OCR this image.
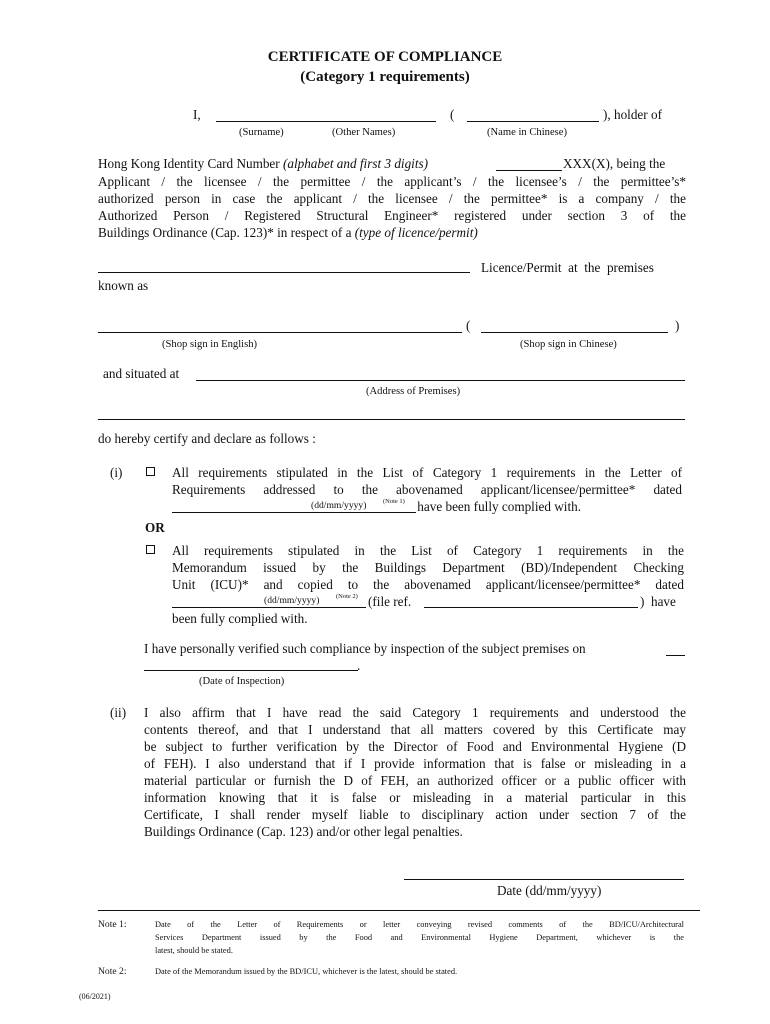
CERTIFICATE OF COMPLIANCE
(Category 1 requirements)
I,	(	), holder of
(Surname)	(Other Names)	(Name in Chinese)
Hong Kong Identity Card Number (alphabet and first 3 digits)	XXX(X), being the
Applicant / the licensee / the permittee / the applicant’s / the licensee’s / the permittee’s*
authorized person in case the applicant / the licensee / the permittee* is a company / the
Authorized Person / Registered Structural Engineer* registered under section 3 of the
Buildings Ordinance (Cap. 123)* in respect of a (type of licence/permit)
Licence/Permit  at  the  premises
known as
(	)
(Shop sign in English)	(Shop sign in Chinese)
and situated at
(Address of Premises)
do hereby certify and declare as follows :
(i)	All requirements stipulated in the List of Category 1 requirements in the Letter of
Requirements addressed to the abovenamed applicant/licensee/permittee* dated
(dd/mm/yyyy)	(Note 1) have been fully complied with.
OR
All requirements stipulated in the List of Category 1 requirements in the
Memorandum issued by the Buildings Department (BD)/Independent Checking
Unit (ICU)* and copied to the abovenamed applicant/licensee/permittee* dated
(dd/mm/yyyy)	(Note 2) (file ref.	)  have
been fully complied with.
I have personally verified such compliance by inspection of the subject premises on
.
(Date of Inspection)
(ii) I also affirm that I have read the said Category 1 requirements and understood the
contents thereof, and that I understand that all matters covered by this Certificate may
be subject to further verification by the Director of Food and Environmental Hygiene (D
of FEH). I also understand that if I provide information that is false or misleading in a
material particular or furnish the D of FEH, an authorized officer or a public officer with
information  knowing  that  it  is  false  or  misleading  in  a  material  particular  in  this
Certificate, I shall render myself liable to disciplinary action under section 7 of the
Buildings Ordinance (Cap. 123) and/or other legal penalties.
Date (dd/mm/yyyy)
Note 1:	Date of the Letter of Requirements or letter conveying revised comments of the BD/ICU/Architectural
Services Department issued by the Food and Environmental Hygiene Department, whichever is the
latest, should be stated.
Note 2:	Date of the Memorandum issued by the BD/ICU, whichever is the latest, should be stated.
(06/2021)
